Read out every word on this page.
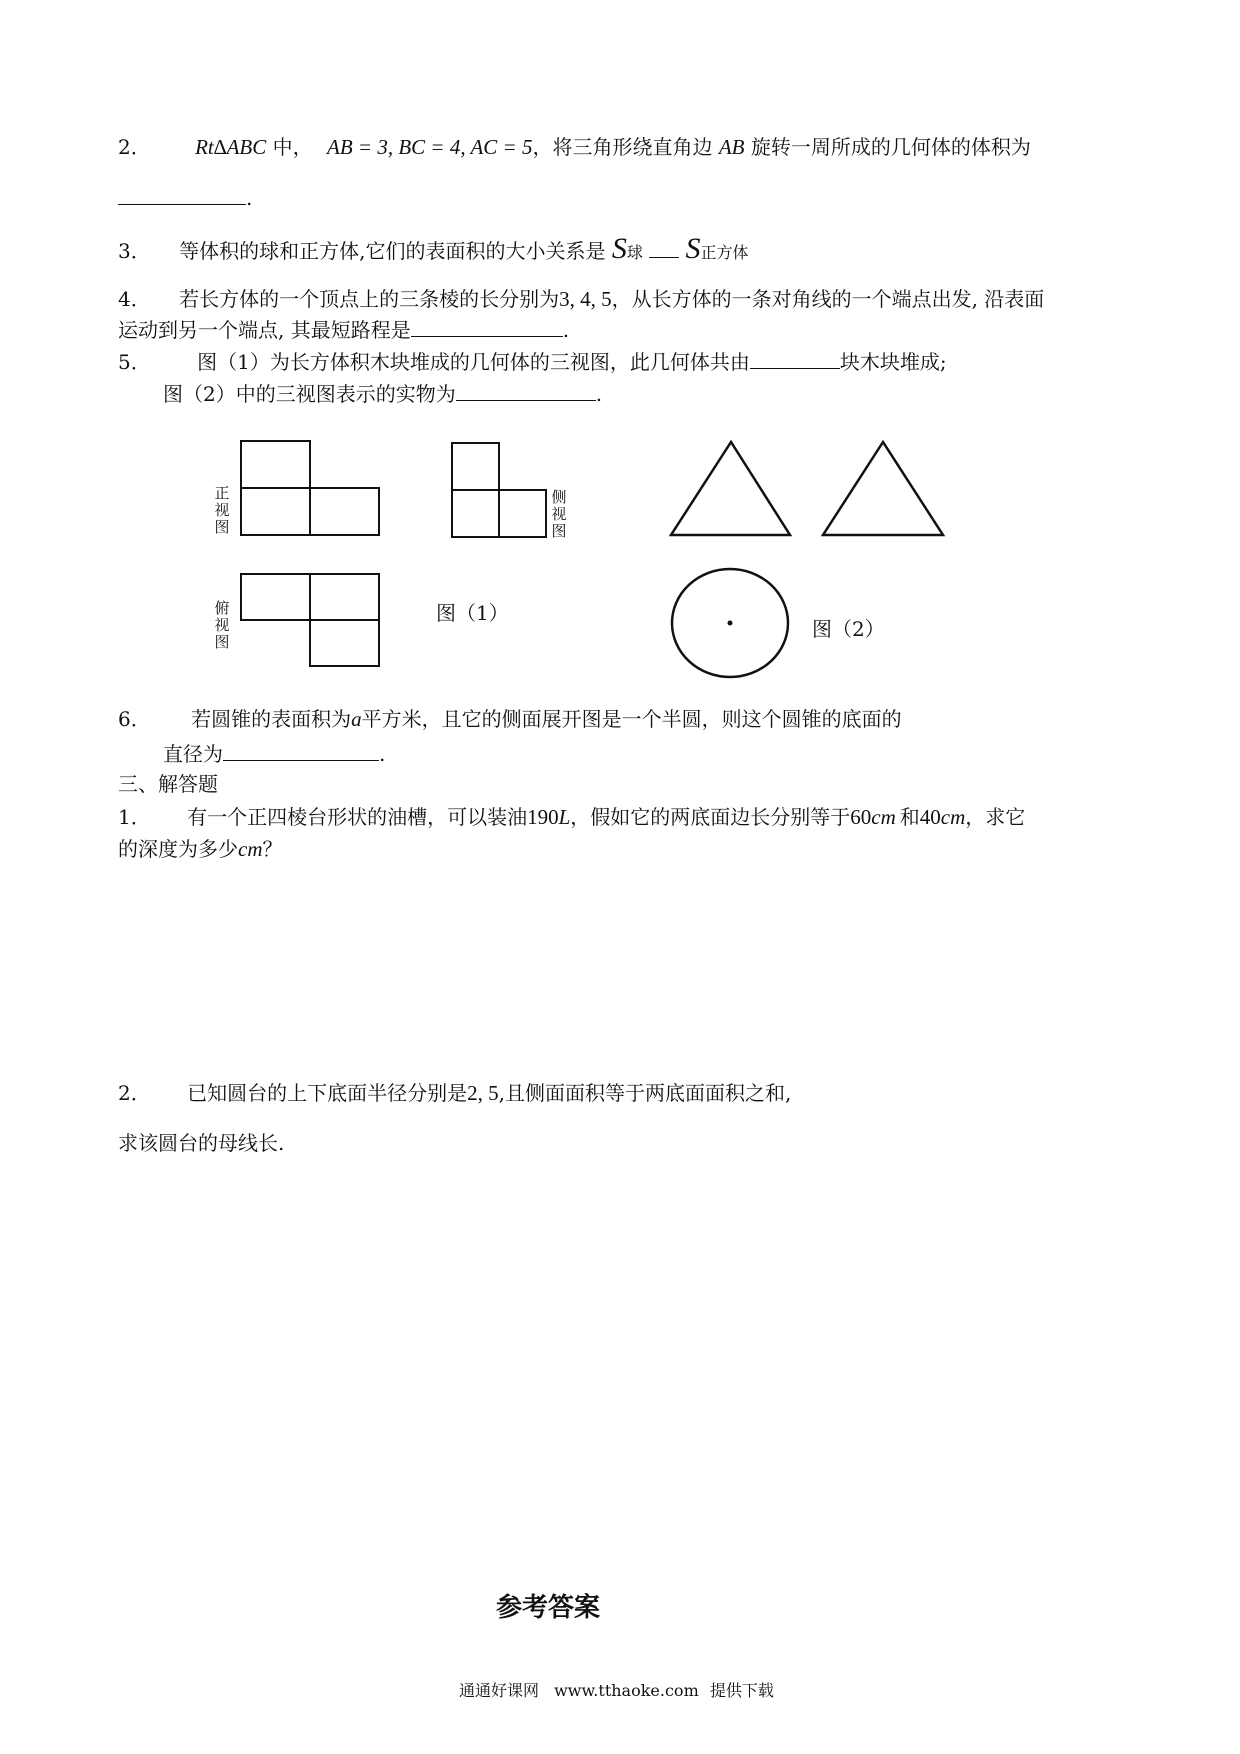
2． Rt∆ABC 中， AB = 3, BC = 4, AC = 5，将三角形绕直角边 AB 旋转一周所成的几何体的体积为
.
3． 等体积的球和正方体,它们的表面积的大小关系是 S球 S正方体
4． 若长方体的一个顶点上的三条棱的长分别为3, 4, 5，从长方体的一条对角线的一个端点出发, 沿表面
运动到另一个端点, 其最短路程是	.
5． 图（1）为长方体积木块堆成的几何体的三视图，此几何体共由	块木块堆成;
图（2）中的三视图表示的实物为	.
正
视
图
侧
视
图
俯
视
图
图（1）
图（2）
6． 若圆锥的表面积为a平方米，且它的侧面展开图是一个半圆，则这个圆锥的底面的
直径为	.
三、解答题
1． 有一个正四棱台形状的油槽，可以装油190L，假如它的两底面边长分别等于60cm 和40cm，求它
的深度为多少cm？
2． 已知圆台的上下底面半径分别是2, 5,且侧面面积等于两底面面积之和,
求该圆台的母线长.
参考答案
通通好课网 www.tthaoke.com 提供下载
